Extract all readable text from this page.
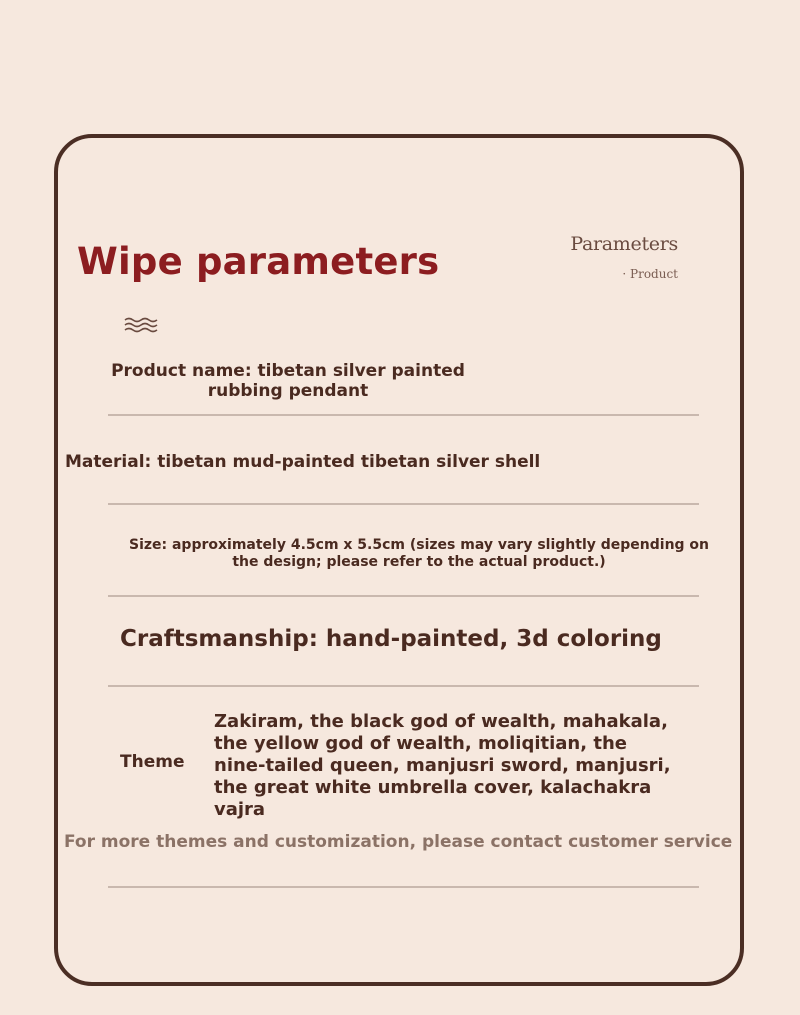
Wipe parameters	Parameters
· Product
Product name: tibetan silver painted rubbing pendant
Material: tibetan mud-painted tibetan silver shell
Size: approximately 4.5cm x 5.5cm (sizes may vary slightly depending on the design; please refer to the actual product.)
Craftsmanship: hand-painted, 3d coloring
Theme
Zakiram, the black god of wealth, mahakala, the yellow god of wealth, moliqitian, the nine-tailed queen, manjusri sword, manjusri, the great white umbrella cover, kalachakra vajra
For more themes and customization, please contact customer service
